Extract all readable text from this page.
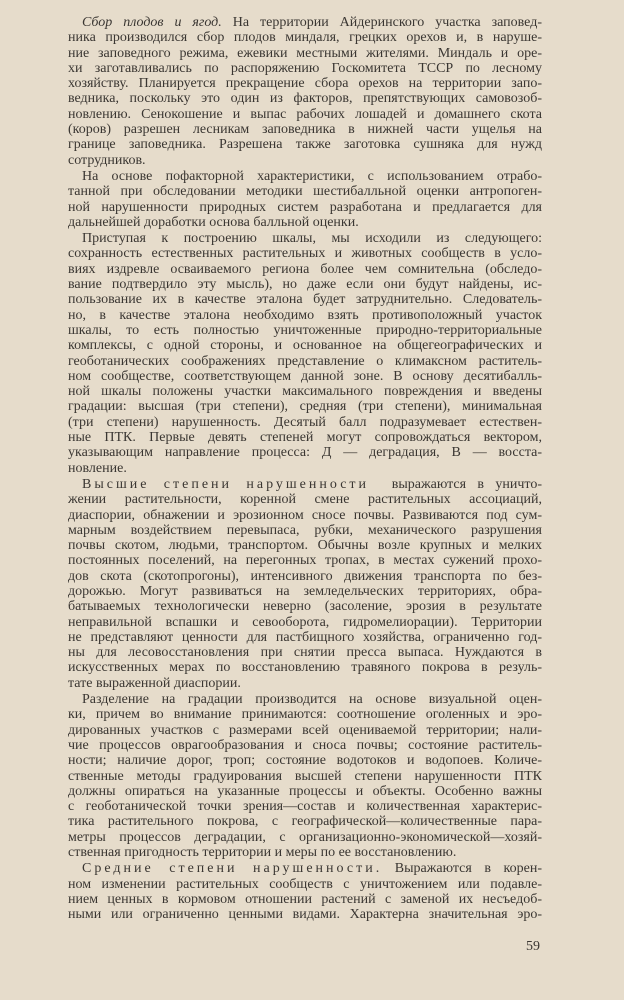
Сбор плодов и ягод. На территории Айдеринского участка заповед-
ника производился сбор плодов миндаля, грецких орехов и, в наруше-
ние заповедного режима, ежевики местными жителями. Миндаль и оре-
хи заготавливались по распоряжению Госкомитета ТССР по лесному
хозяйству. Планируется прекращение сбора орехов на территории запо-
ведника, поскольку это один из факторов, препятствующих самовозоб-
новлению. Сенокошение и выпас рабочих лошадей и домашнего скота
(коров) разрешен лесникам заповедника в нижней части ущелья на
границе заповедника. Разрешена также заготовка сушняка для нужд
сотрудников.
На основе пофакторной характеристики, с использованием отрабо-
танной при обследовании методики шестибалльной оценки антропоген-
ной нарушенности природных систем разработана и предлагается для
дальнейшей доработки основа балльной оценки.
Приступая к построению шкалы, мы исходили из следующего:
сохранность естественных растительных и животных сообществ в усло-
виях издревле осваиваемого региона более чем сомнительна (обследо-
вание подтвердило эту мысль), но даже если они будут найдены, ис-
пользование их в качестве эталона будет затруднительно. Следователь-
но, в качестве эталона необходимо взять противоположный участок
шкалы, то есть полностью уничтоженные природно-территориальные
комплексы, с одной стороны, и основанное на общегеографических и
геоботанических соображениях представление о климаксном раститель-
ном сообществе, соответствующем данной зоне. В основу десятибалль-
ной шкалы положены участки максимального повреждения и введены
градации: высшая (три степени), средняя (три степени), минимальная
(три степени) нарушенность. Десятый балл подразумевает естествен-
ные ПТК. Первые девять степеней могут сопровождаться вектором,
указывающим направление процесса: Д — деградация, В — восста-
новление.
Высшие степени нарушенности  выражаются в уничто-
жении растительности, коренной смене растительных ассоциаций,
диаспории, обнажении и эрозионном сносе почвы. Развиваются под сум-
марным воздействием перевыпаса, рубки, механического разрушения
почвы скотом, людьми, транспортом. Обычны возле крупных и мелких
постоянных поселений, на перегонных тропах, в местах сужений прохо-
дов скота (скотопрогоны), интенсивного движения транспорта по без-
дорожью. Могут развиваться на земледельческих территориях, обра-
батываемых технологически неверно (засоление, эрозия в результате
неправильной вспашки и севооборота, гидромелиорации). Территории
не представляют ценности для пастбищного хозяйства, ограниченно год-
ны для лесовосстановления при снятии пресса выпаса. Нуждаются в
искусственных мерах по восстановлению травяного покрова в резуль-
тате выраженной диаспории.
Разделение на градации производится на основе визуальной оцен-
ки, причем во внимание принимаются: соотношение оголенных и эро-
дированных участков с размерами всей оцениваемой территории; нали-
чие процессов оврагообразования и сноса почвы; состояние раститель-
ности; наличие дорог, троп; состояние водотоков и водопоев. Количе-
ственные методы градуирования высшей степени нарушенности ПТК
должны опираться на указанные процессы и объекты. Особенно важны
с геоботанической точки зрения—состав и количественная характерис-
тика растительного покрова, с географической—количественные пара-
метры процессов деградации, с организационно-экономической—хозяй-
ственная пригодность территории и меры по ее восстановлению.
Средние степени нарушенности. Выражаются в корен-
ном изменении растительных сообществ с уничтожением или подавле-
нием ценных в кормовом отношении растений с заменой их несъедоб-
ными или ограниченно ценными видами. Характерна значительная эро-
59
